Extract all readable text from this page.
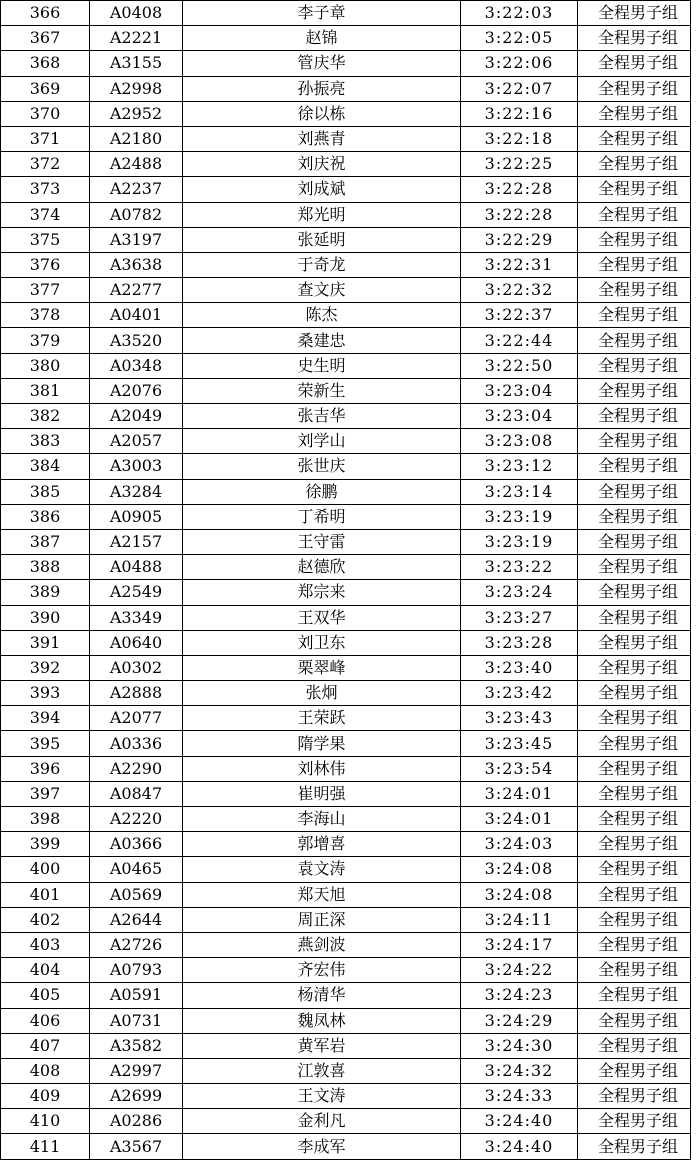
366	A0408	李子章	3:22:03	全程男子组
367	A2221	赵锦	3:22:05	全程男子组
368	A3155	管庆华	3:22:06	全程男子组
369	A2998	孙振亮	3:22:07	全程男子组
370	A2952	徐以栋	3:22:16	全程男子组
371	A2180	刘燕青	3:22:18	全程男子组
372	A2488	刘庆祝	3:22:25	全程男子组
373	A2237	刘成斌	3:22:28	全程男子组
374	A0782	郑光明	3:22:28	全程男子组
375	A3197	张延明	3:22:29	全程男子组
376	A3638	于奇龙	3:22:31	全程男子组
377	A2277	查文庆	3:22:32	全程男子组
378	A0401	陈杰	3:22:37	全程男子组
379	A3520	桑建忠	3:22:44	全程男子组
380	A0348	史生明	3:22:50	全程男子组
381	A2076	荣新生	3:23:04	全程男子组
382	A2049	张吉华	3:23:04	全程男子组
383	A2057	刘学山	3:23:08	全程男子组
384	A3003	张世庆	3:23:12	全程男子组
385	A3284	徐鹏	3:23:14	全程男子组
386	A0905	丁希明	3:23:19	全程男子组
387	A2157	王守雷	3:23:19	全程男子组
388	A0488	赵德欣	3:23:22	全程男子组
389	A2549	郑宗来	3:23:24	全程男子组
390	A3349	王双华	3:23:27	全程男子组
391	A0640	刘卫东	3:23:28	全程男子组
392	A0302	栗翠峰	3:23:40	全程男子组
393	A2888	张炯	3:23:42	全程男子组
394	A2077	王荣跃	3:23:43	全程男子组
395	A0336	隋学果	3:23:45	全程男子组
396	A2290	刘林伟	3:23:54	全程男子组
397	A0847	崔明强	3:24:01	全程男子组
398	A2220	李海山	3:24:01	全程男子组
399	A0366	郭增喜	3:24:03	全程男子组
400	A0465	袁文涛	3:24:08	全程男子组
401	A0569	郑天旭	3:24:08	全程男子组
402	A2644	周正深	3:24:11	全程男子组
403	A2726	燕剑波	3:24:17	全程男子组
404	A0793	齐宏伟	3:24:22	全程男子组
405	A0591	杨清华	3:24:23	全程男子组
406	A0731	魏凤林	3:24:29	全程男子组
407	A3582	黄军岩	3:24:30	全程男子组
408	A2997	江敦喜	3:24:32	全程男子组
409	A2699	王文涛	3:24:33	全程男子组
410	A0286	金利凡	3:24:40	全程男子组
411	A3567	李成军	3:24:40	全程男子组
